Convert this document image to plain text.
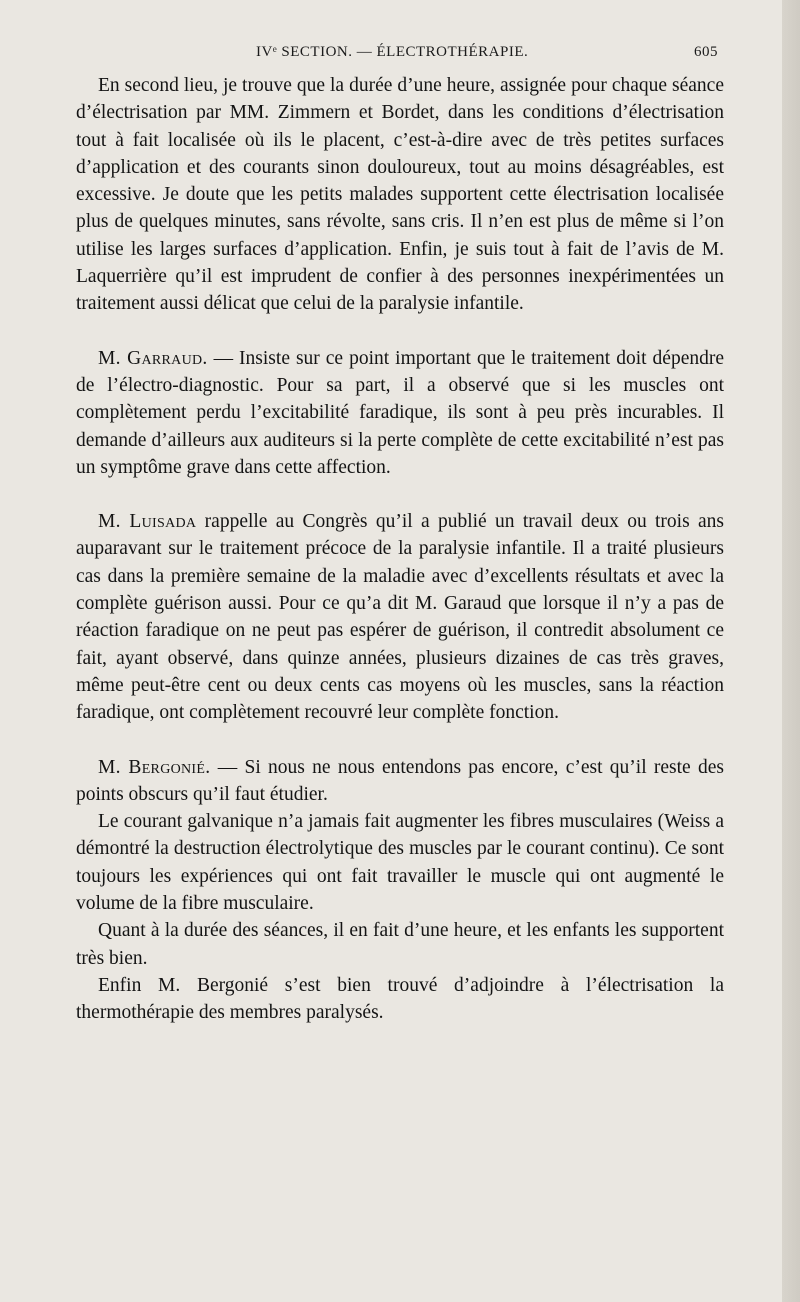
IVᵉ SECTION. — ÉLECTROTHÉRAPIE.	605

En second lieu, je trouve que la durée d’une heure, assignée pour chaque séance d’électrisation par MM. Zimmern et Bordet, dans les conditions d’électrisation tout à fait localisée où ils le placent, c’est-à-dire avec de très petites surfaces d’application et des courants sinon douloureux, tout au moins désagréables, est excessive. Je doute que les petits malades supportent cette électrisation localisée plus de quelques minutes, sans révolte, sans cris. Il n’en est plus de même si l’on utilise les larges surfaces d’application. Enfin, je suis tout à fait de l’avis de M. Laquerrière qu’il est imprudent de confier à des personnes inexpérimentées un traitement aussi délicat que celui de la paralysie infantile.

M. Garraud. — Insiste sur ce point important que le traitement doit dépendre de l’électro-diagnostic. Pour sa part, il a observé que si les muscles ont complètement perdu l’excitabilité faradique, ils sont à peu près incurables. Il demande d’ailleurs aux auditeurs si la perte complète de cette excitabilité n’est pas un symptôme grave dans cette affection.

M. Luisada rappelle au Congrès qu’il a publié un travail deux ou trois ans auparavant sur le traitement précoce de la paralysie infantile. Il a traité plusieurs cas dans la première semaine de la maladie avec d’excellents résultats et avec la complète guérison aussi. Pour ce qu’a dit M. Garaud que lorsque il n’y a pas de réaction faradique on ne peut pas espérer de guérison, il contredit absolument ce fait, ayant observé, dans quinze années, plusieurs dizaines de cas très graves, même peut-être cent ou deux cents cas moyens où les muscles, sans la réaction faradique, ont complètement recouvré leur complète fonction.

M. Bergonié. — Si nous ne nous entendons pas encore, c’est qu’il reste des points obscurs qu’il faut étudier.

Le courant galvanique n’a jamais fait augmenter les fibres musculaires (Weiss a démontré la destruction électrolytique des muscles par le courant continu). Ce sont toujours les expériences qui ont fait travailler le muscle qui ont augmenté le volume de la fibre musculaire.

Quant à la durée des séances, il en fait d’une heure, et les enfants les supportent très bien.

Enfin M. Bergonié s’est bien trouvé d’adjoindre à l’électrisation la thermothérapie des membres paralysés.
